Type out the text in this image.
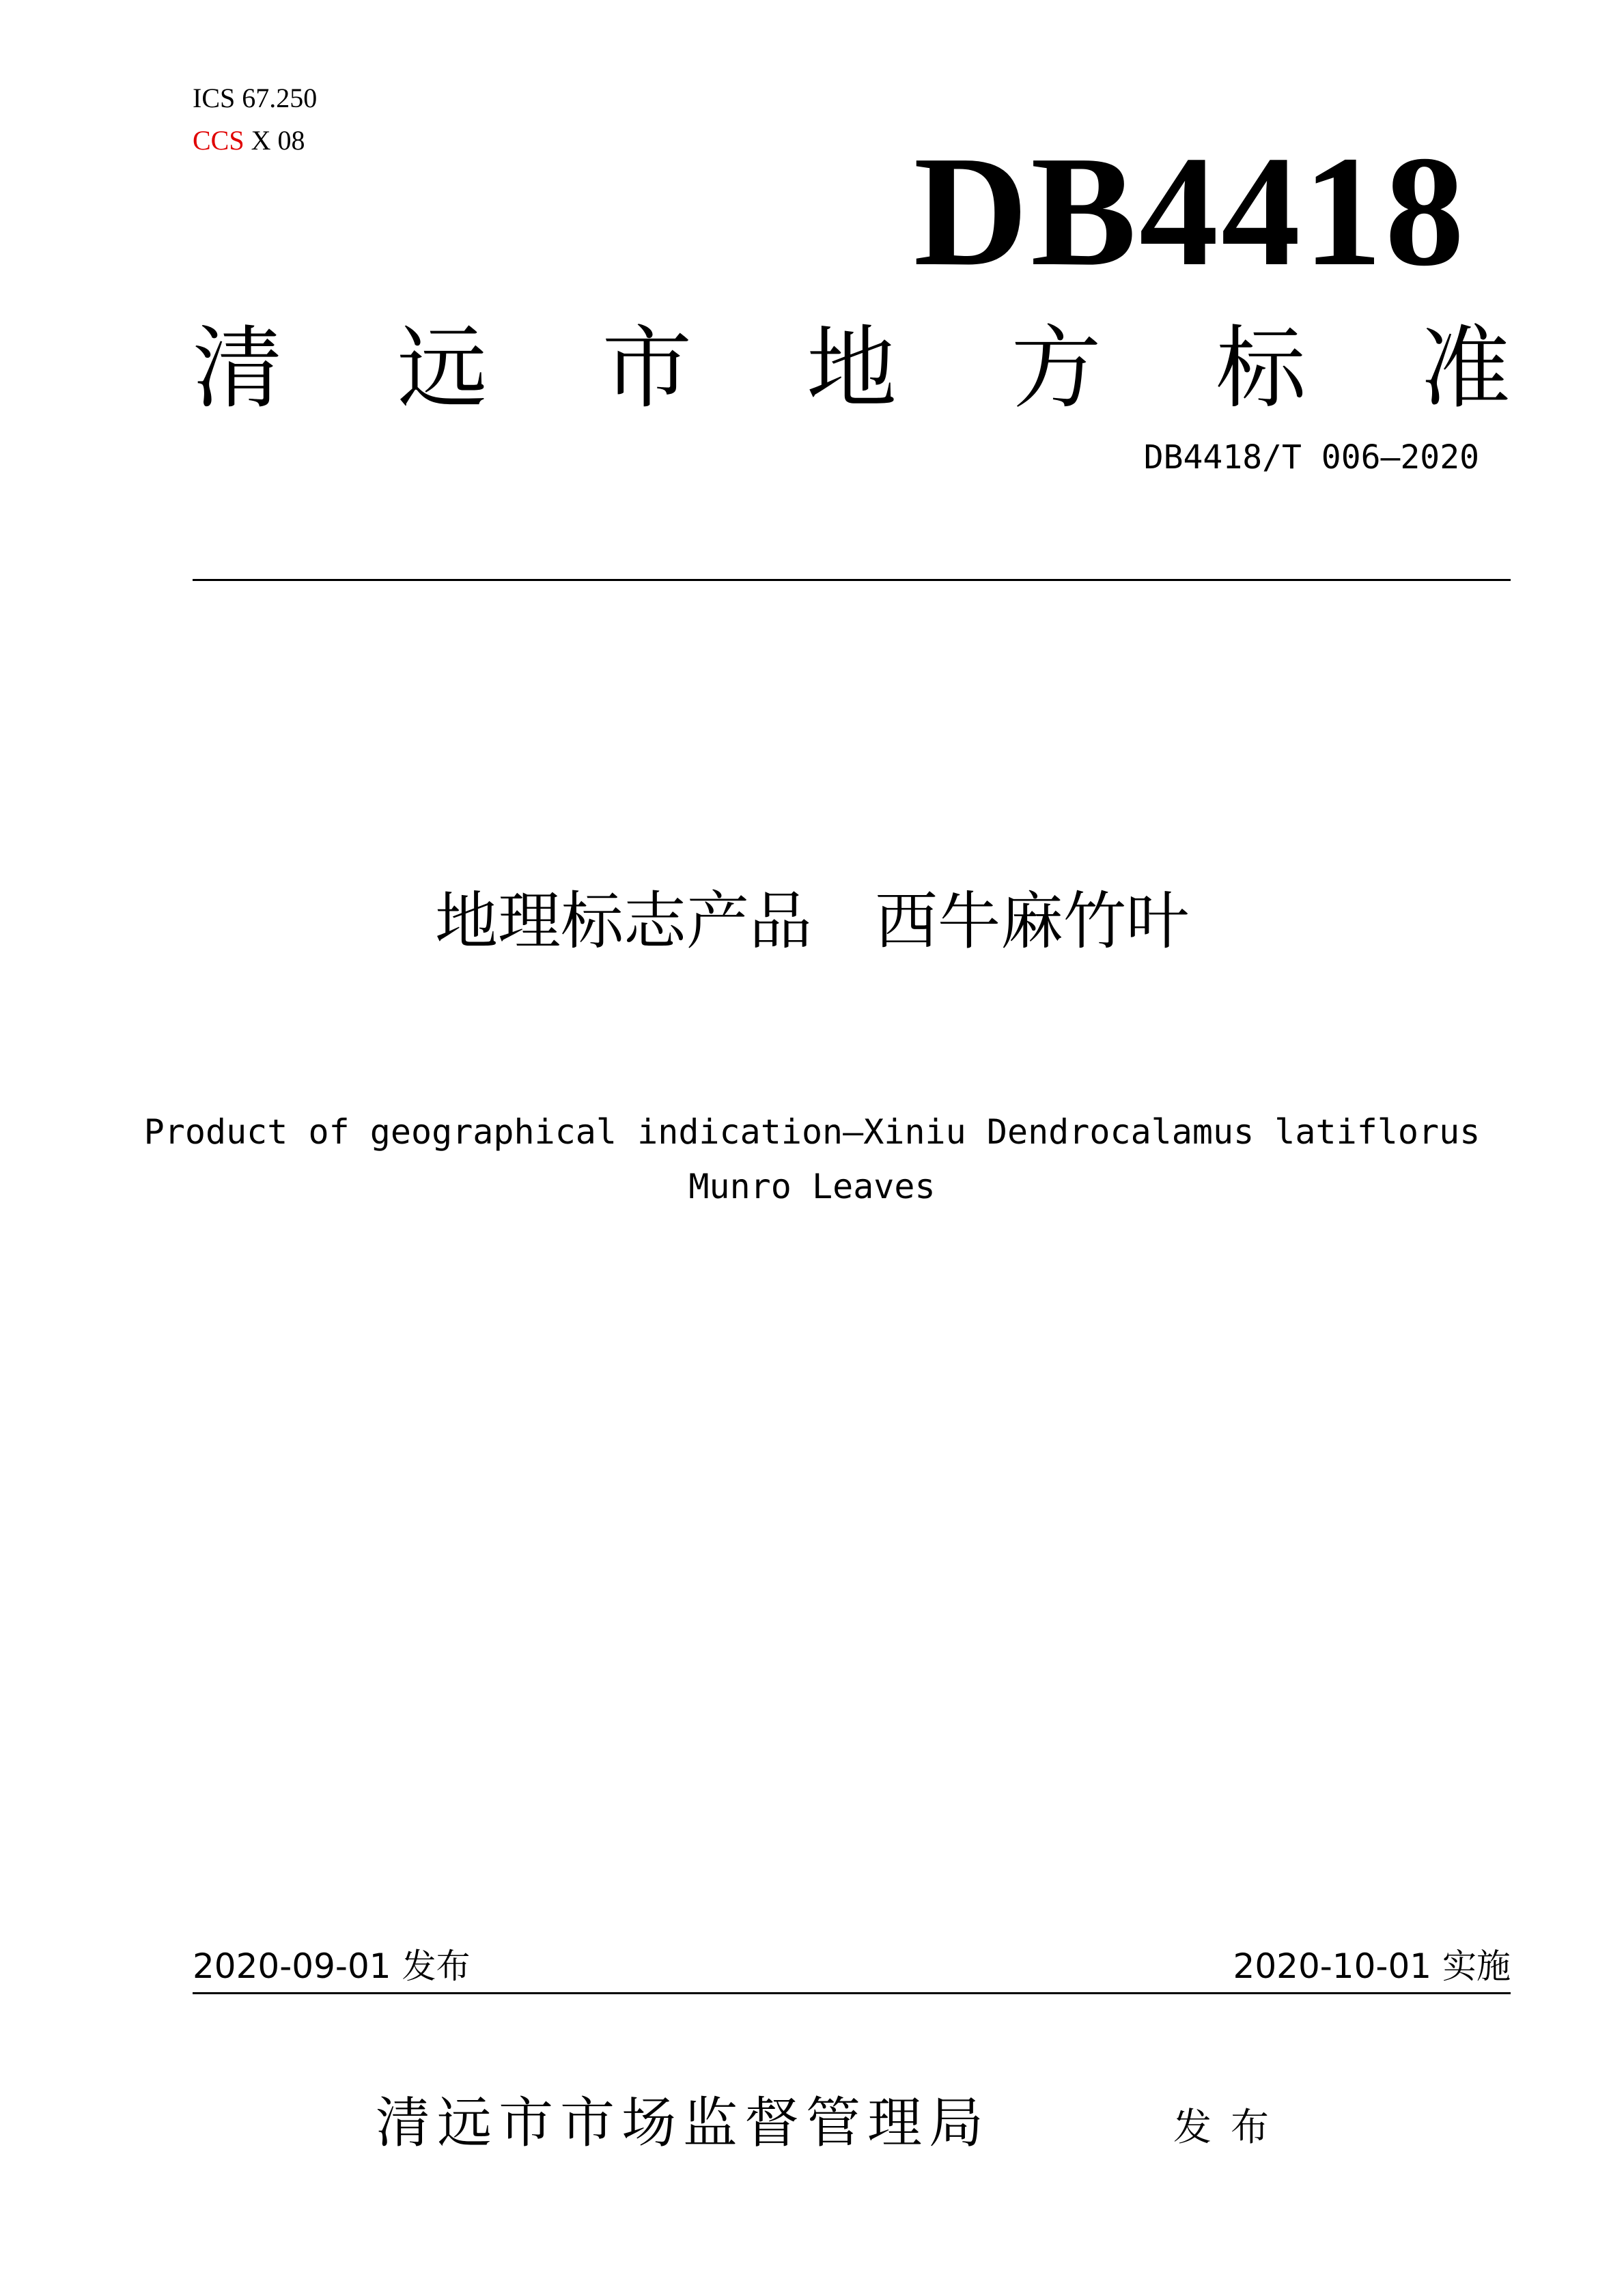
ICS 67.250
CCS X 08	DB4418
清 远 市 地 方 标 准
DB4418/T 006—2020
地理标志产品　西牛麻竹叶
Product of geographical indication—Xiniu Dendrocalamus latiflorus
Munro Leaves
2020-09-01 发布	2020-10-01 实施
清远市市场监督管理局	发布
